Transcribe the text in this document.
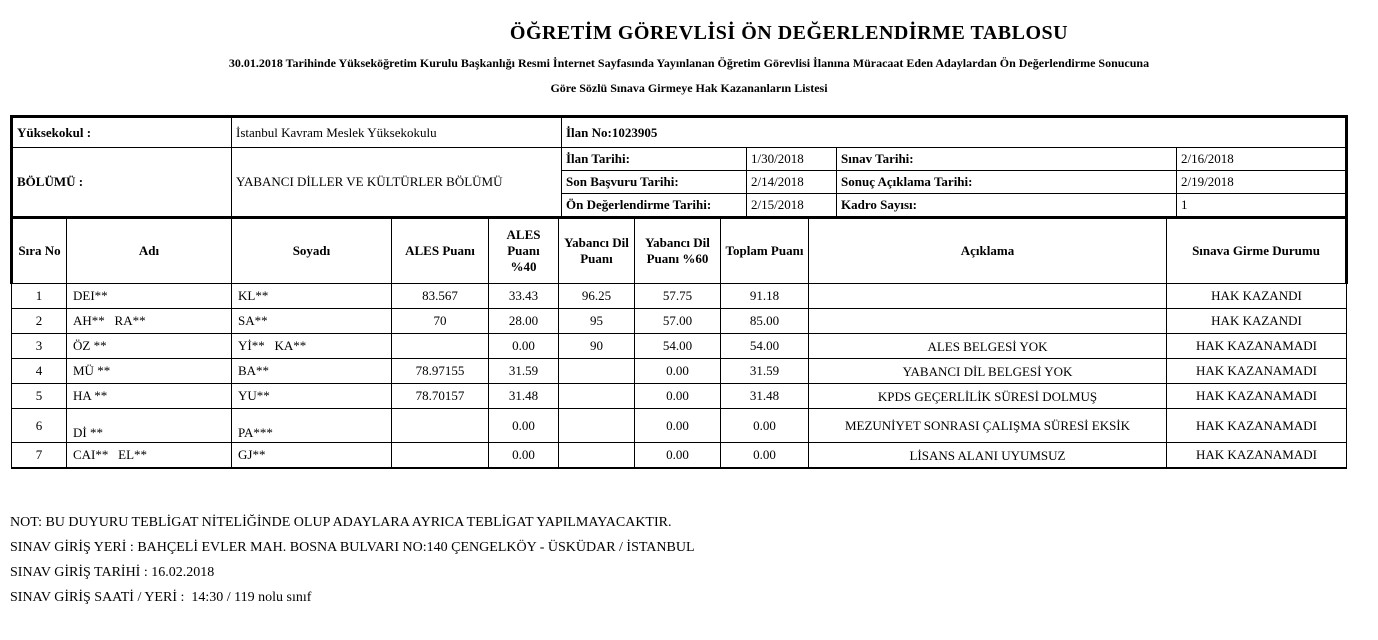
ÖĞRETİM GÖREVLİSİ ÖN DEĞERLENDİRME TABLOSU
30.01.2018 Tarihinde Yükseköğretim Kurulu Başkanlığı Resmi İnternet Sayfasında Yayınlanan Öğretim Görevlisi İlanına Müracaat Eden Adaylardan Ön Değerlendirme Sonucuna
Göre Sözlü Sınava Girmeye Hak Kazananların Listesi
Yüksekokul :	İstanbul Kavram Meslek Yüksekokulu	İlan No:1023905			
BÖLÜMÜ :	YABANCI DİLLER VE KÜLTÜRLER BÖLÜMÜ	İlan Tarihi:	1/30/2018	Sınav Tarihi:	2/16/2018
		Son Başvuru Tarihi:	2/14/2018	Sonuç Açıklama Tarihi:	2/19/2018
		Ön Değerlendirme Tarihi:	2/15/2018	Kadro Sayısı:	1
Sıra No	Adı	Soyadı	ALES Puanı	ALES Puanı %40	Yabancı Dil Puanı	Yabancı Dil Puanı %60	Toplam Puanı	Açıklama	Sınava Girme Durumu
1	DEI**	KL**	83.567	33.43	96.25	57.75	91.18		HAK KAZANDI
2	AH**   RA**	SA**	70	28.00	95	57.00	85.00		HAK KAZANDI
3	ÖZ **	Yİ**   KA**		0.00	90	54.00	54.00	ALES BELGESİ YOK	HAK KAZANAMADI
4	MÜ **	BA**	78.97155	31.59		0.00	31.59	YABANCI DİL BELGESİ YOK	HAK KAZANAMADI
5	HA **	YU**	78.70157	31.48		0.00	31.48	KPDS GEÇERLİLİK SÜRESİ DOLMUŞ	HAK KAZANAMADI
6	Dİ **	PA***		0.00		0.00	0.00	MEZUNİYET SONRASI ÇALIŞMA SÜRESİ EKSİK	HAK KAZANAMADI
7	CAI**   EL**	GJ**		0.00		0.00	0.00	LİSANS ALANI UYUMSUZ	HAK KAZANAMADI
NOT: BU DUYURU TEBLİGAT NİTELİĞİNDE OLUP ADAYLARA AYRICA TEBLİGAT YAPILMAYACAKTIR.
SINAV GİRİŞ YERİ : BAHÇELİ EVLER MAH. BOSNA BULVARI NO:140 ÇENGELKÖY - ÜSKÜDAR / İSTANBUL
SINAV GİRİŞ TARİHİ : 16.02.2018
SINAV GİRİŞ SAATİ / YERİ :  14:30 / 119 nolu sınıf
